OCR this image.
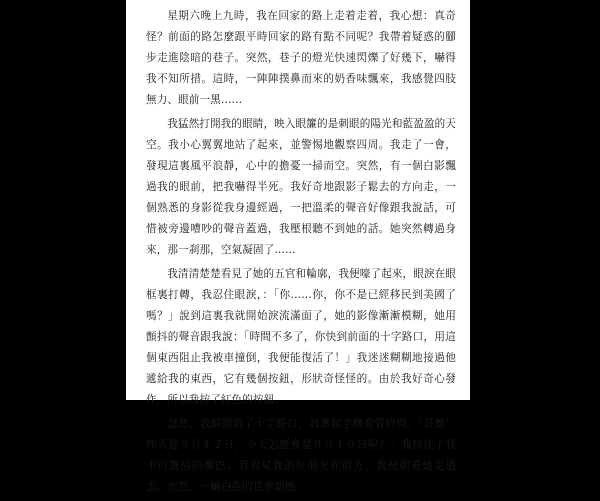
星期六晚上九時，我在回家的路上走着走着，我心想：真奇怪？前面的路怎麼跟平時回家的路有點不同呢？我帶着疑惑的腳步走進陰暗的巷子。突然，巷子的燈光快速閃爍了好幾下，嚇得我不知所措。這時，一陣陣撲鼻而來的奶香味飄來，我感覺四肢無力、眼前一黑……

我猛然打開我的眼睛，映入眼簾的是刺眼的陽光和藍盈盈的天空。我小心翼翼地站了起來，並警惕地觀察四周。我走了一會，發現這裏風平浪靜，心中的擔憂一掃而空。突然，有一個白影飄過我的眼前，把我嚇得半死。我好奇地跟影子鬆去的方向走，一個熟悉的身影從我身邊經過，一把溫柔的聲音好像跟我說話，可惜被旁邊嘈吵的聲音蓋過，我壓根聽不到她的話。她突然轉過身來，那一刹那，空氣凝固了……

我清清楚楚看見了她的五官和輪廓，我便嚎了起來，眼淚在眼框裏打轉，我忍住眼淚，：「你……你，你不是已經移民到美國了嗎？」說到這裏我就開始淚流滿面了，她的影像漸漸模糊，她用顫抖的聲音跟我說：「時間不多了，你快到前面的十字路口，用這個東西阻止我被車撞倒，我便能復活了！」我迷迷糊糊地接過他遞給我的東西，它有幾個按鈕，形狀奇怪怪的。由於我好奇心發作，所以我按了紅色的按鈕。

忽然，我瞬間到了十字路口，我拿起手機看看時間。「甚麼！昨天是９月１２日，今天怎麼會是９月１０日呢？」我按住了我不可置信的嘴巴。我看見我的好朋友在前方，我便朝着她走過去。突然，一輛白色的貨車朝她
